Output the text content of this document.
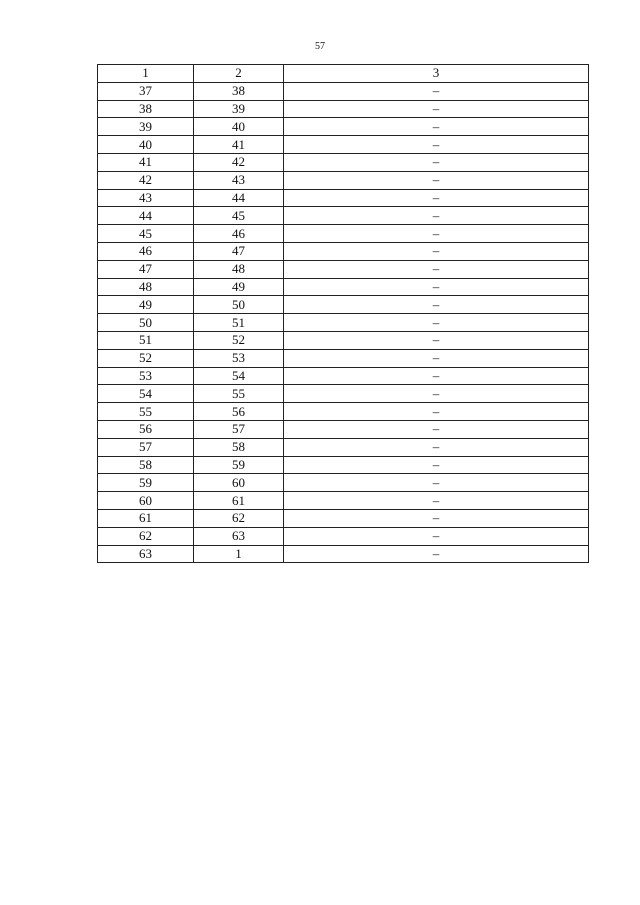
57
1	2	3
37	38	–
38	39	–
39	40	–
40	41	–
41	42	–
42	43	–
43	44	–
44	45	–
45	46	–
46	47	–
47	48	–
48	49	–
49	50	–
50	51	–
51	52	–
52	53	–
53	54	–
54	55	–
55	56	–
56	57	–
57	58	–
58	59	–
59	60	–
60	61	–
61	62	–
62	63	–
63	1	–
